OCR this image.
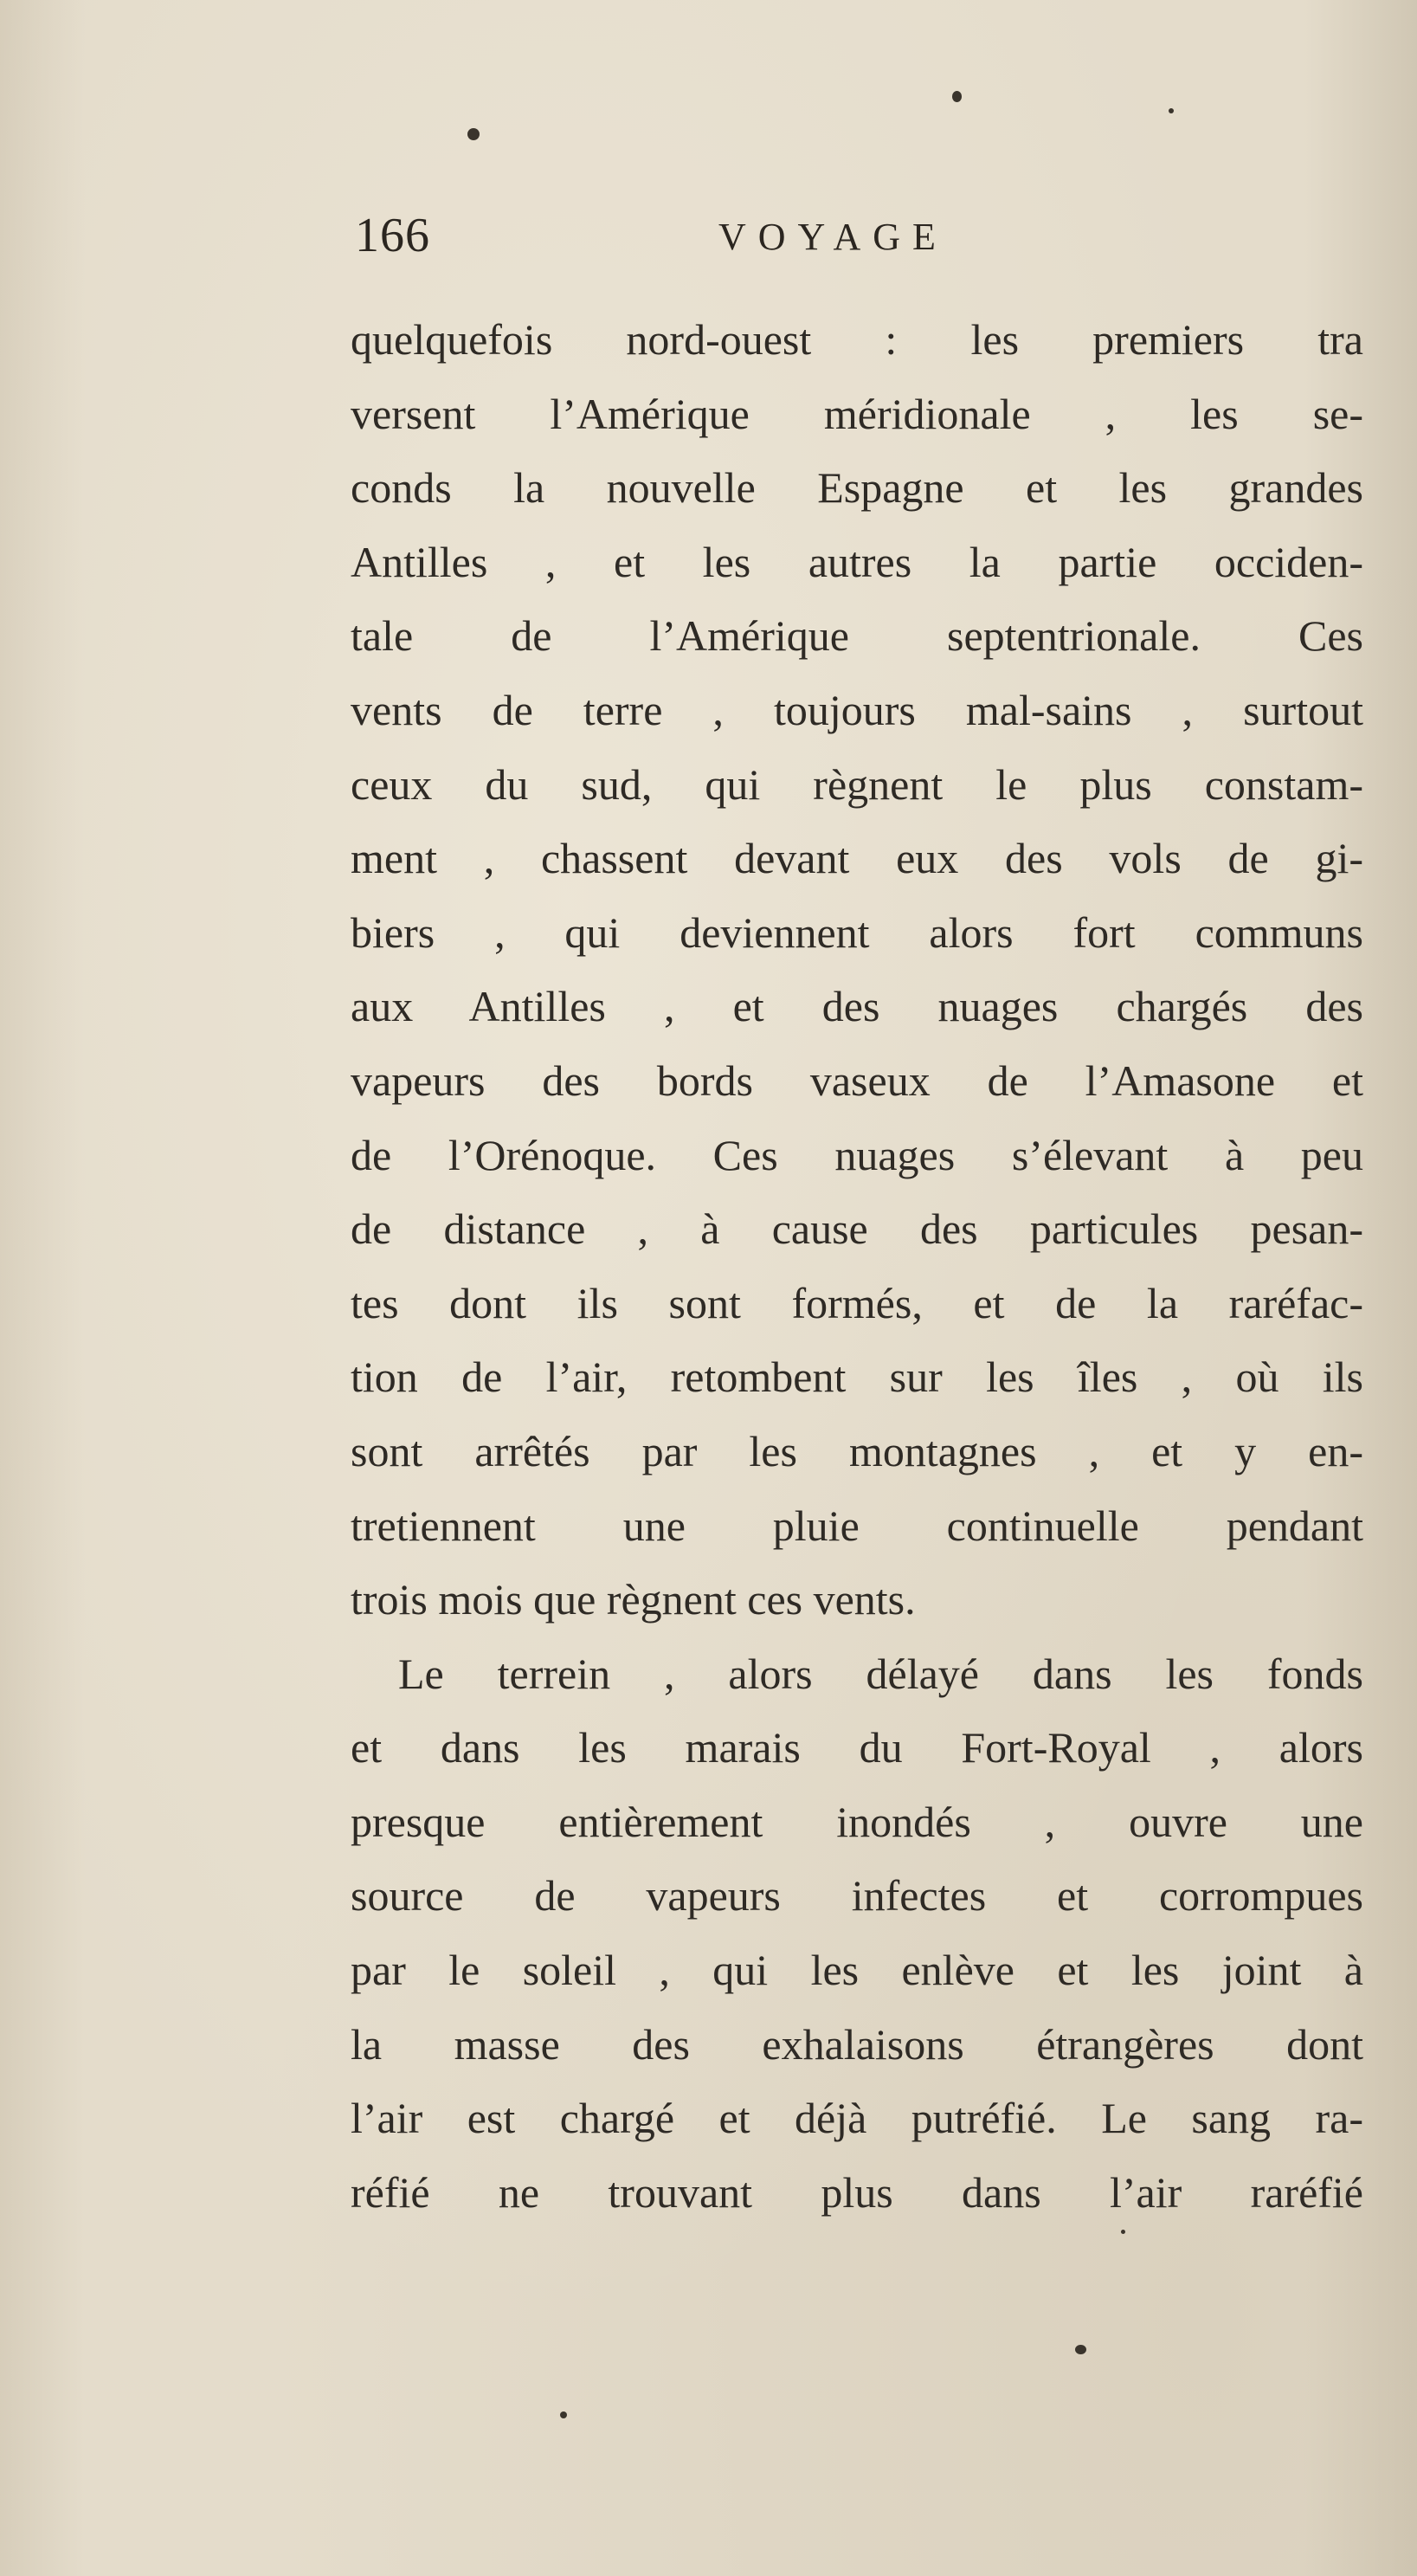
166	VOYAGE
quelquefois nord-ouest : les premiers tra
versent l’Amérique méridionale , les se-
conds la nouvelle Espagne et les grandes
Antilles , et les autres la partie occiden-
tale de l’Amérique septentrionale. Ces
vents de terre , toujours mal-sains , surtout
ceux du sud, qui règnent le plus constam-
ment , chassent devant eux des vols de gi-
biers , qui deviennent alors fort communs
aux Antilles , et des nuages chargés des
vapeurs des bords vaseux de l’Amasone et
de l’Orénoque. Ces nuages s’élevant à peu
de distance , à cause des particules pesan-
tes dont ils sont formés, et de la raréfac-
tion de l’air, retombent sur les îles , où ils
sont arrêtés par les montagnes , et y en-
tretiennent une pluie continuelle pendant
trois mois que règnent ces vents.
Le terrein , alors délayé dans les fonds
et dans les marais du Fort-Royal , alors
presque entièrement inondés , ouvre une
source de vapeurs infectes et corrompues
par le soleil , qui les enlève et les joint à
la masse des exhalaisons étrangères dont
l’air est chargé et déjà putréfié. Le sang ra-
réfié ne trouvant plus dans l’air raréfié
